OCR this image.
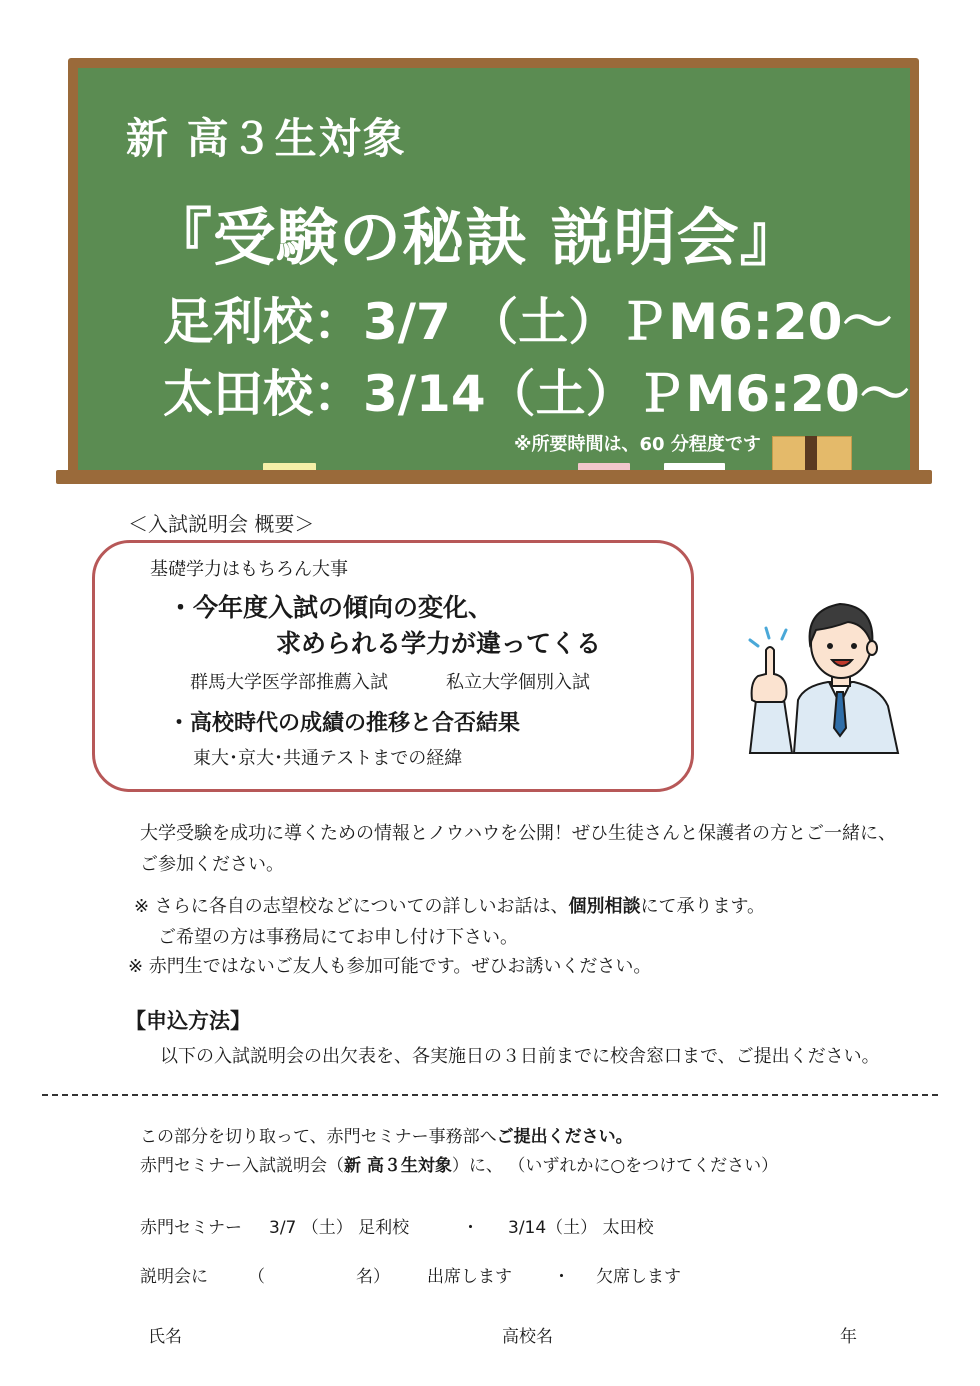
新 高３生対象
『受験の秘訣 説明会』
足利校：3/7 （土）ＰM6:20～
太田校：3/14（土）ＰM6:20～
※所要時間は、60 分程度です
＜入試説明会 概要＞
基礎学力はもちろん大事
・今年度入試の傾向の変化、
求められる学力が違ってくる
群馬大学医学部推薦入試	私立大学個別入試
・高校時代の成績の推移と合否結果
東大･京大･共通テストまでの経緯
大学受験を成功に導くための情報とノウハウを公開！ぜひ生徒さんと保護者の方とご一緒に、
ご参加ください。
※ さらに各自の志望校などについての詳しいお話は、個別相談にて承ります。
ご希望の方は事務局にてお申し付け下さい。
※ 赤門生ではないご友人も参加可能です。ぜひお誘いください。
【申込方法】
以下の入試説明会の出欠表を、各実施日の３日前までに校舎窓口まで、ご提出ください。
この部分を切り取って、赤門セミナー事務部へご提出ください。
赤門セミナー入試説明会（新 高３生対象）に、 （いずれかに○をつけてください）
赤門セミナー 3/7 （土） 足利校	・ 3/14（土） 太田校
説明会に （	名） 出席します ・ 欠席します
氏名	高校名	年
